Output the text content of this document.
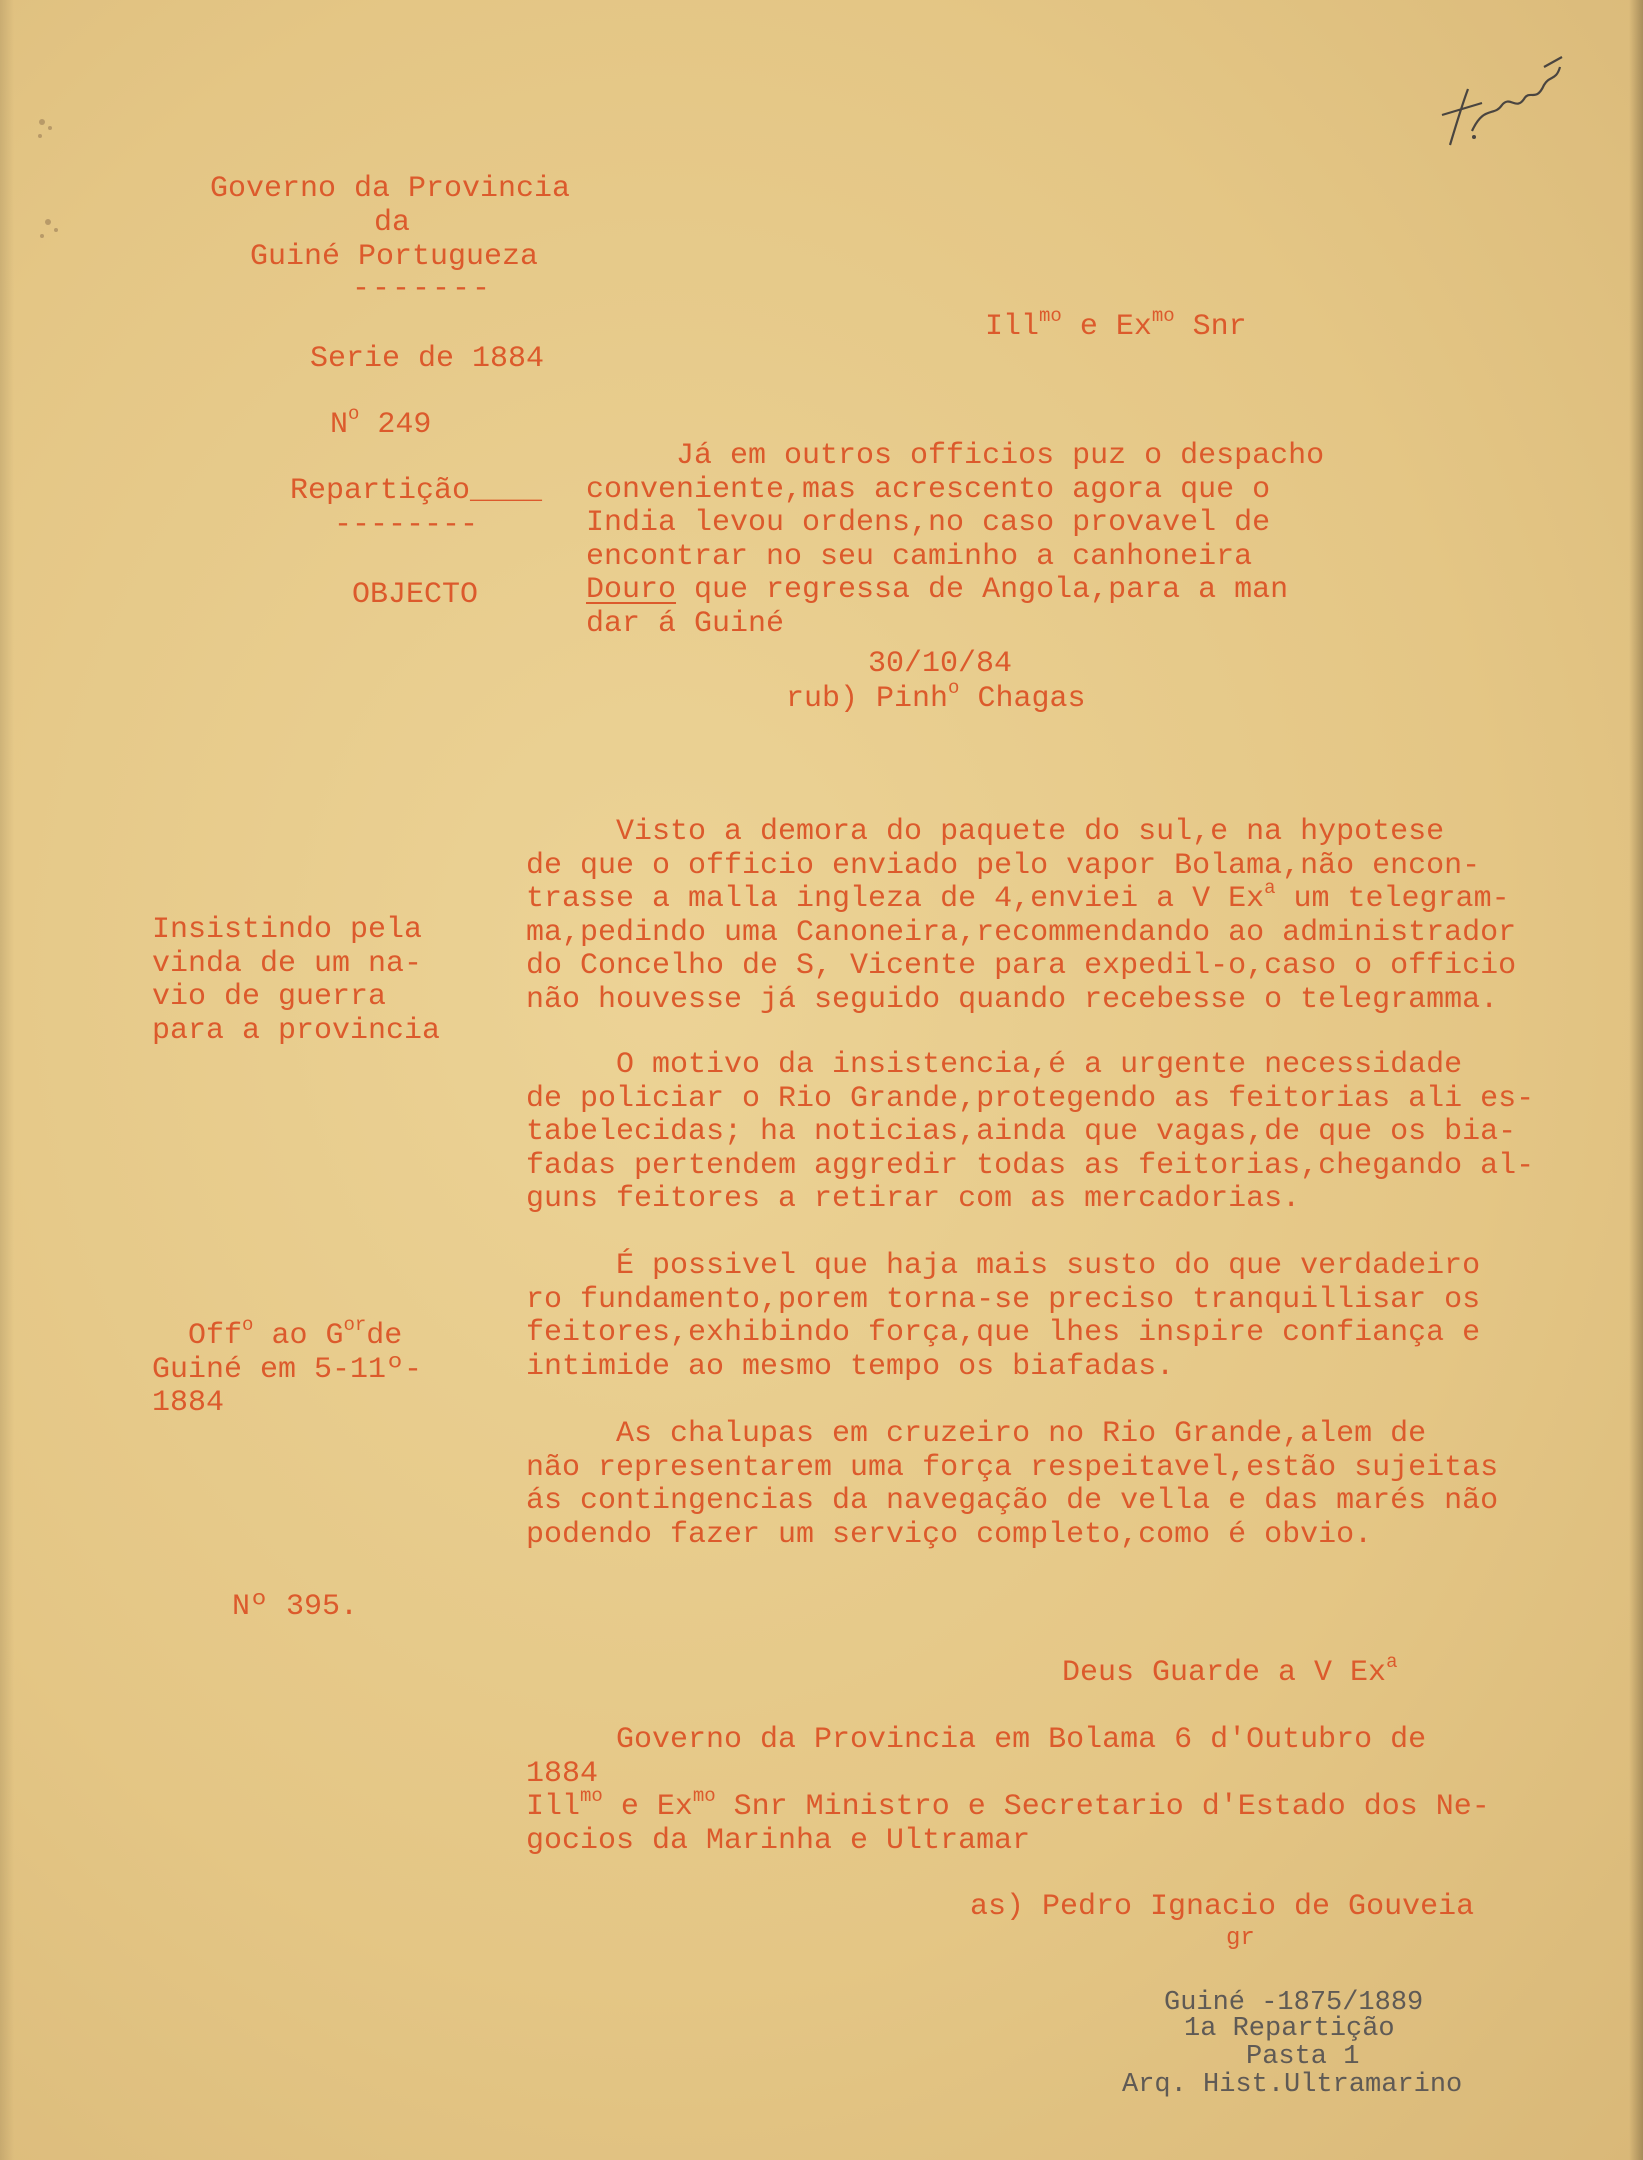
Governo da Provincia
da
Guiné Portugueza
-------
Ill$^{mo}$ e $Ex^{mo}$ Snr
Serie de 1884
$N^o$ 249
Repartição____
--------
OBJECTO
Já em outros officios puz o despacho
conveniente,mas acrescento agora que o
India levou ordens,no caso provavel de
encontrar no seu caminho a canhoneira
Douro que regressa de Angola,para a man
dar á Guiné
30/10/84
rub) Pinh$^o$ Chagas
Insistindo pela
vinda de um na-
vio de guerra
para a provincia
Visto a demora do paquete do sul,e na hypotese
de que o officio enviado pelo vapor Bolama,não encon-
trasse a malla ingleza de 4,enviei a V Ex$^a$ um telegram-
ma,pedindo uma Canoneira,recommendando ao administrador
do Concelho de S, Vicente para expedil-o,caso o officio
não houvesse já seguido quando recebesse o telegramma.
O motivo da insistencia,é a urgente necessidade
de policiar o Rio Grande,protegendo as feitorias ali es-
tabelecidas; ha noticias,ainda que vagas,de que os bia-
fadas pertendem aggredir todas as feitorias,chegando al-
guns feitores a retirar com as mercadorias.
É possivel que haja mais susto do que verdadeiro
ro fundamento,porem torna-se preciso tranquillisar os
feitores,exhibindo força,que lhes inspire confiança e
intimide ao mesmo tempo os biafadas.
Off$^o$ ao $G^{or}de$
Guiné em 5-11º-
1884
As chalupas em cruzeiro no Rio Grande,alem de
não representarem uma força respeitavel,estão sujeitas
ás contingencias da navegação de vella e das marés não
podendo fazer um serviço completo,como é obvio.
Nº 395.
Deus Guarde a V Ex$^a$
Governo da Provincia em Bolama 6 d'Outubro de
1884
Ill$^{mo}$ e $Ex^{mo}$ Snr Ministro e Secretario d'Estado dos Ne-
gocios da Marinha e Ultramar
as) Pedro Ignacio de Gouveia
gr
Guiné -1875/1889
1a Repartição
Pasta 1
Arq. Hist.Ultramarino
